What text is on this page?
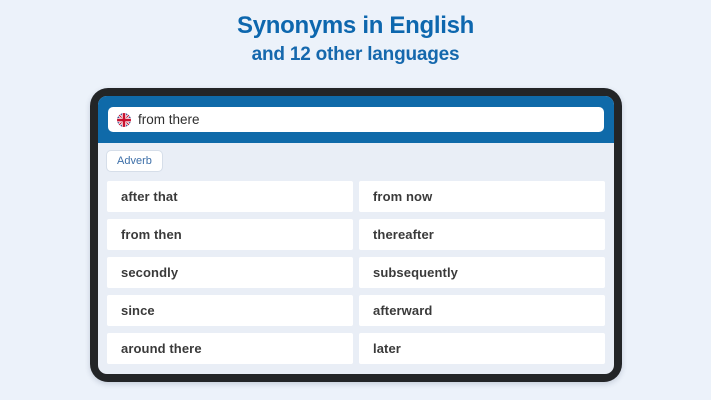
Synonyms in English
and 12 other languages
from there
Adverb
after that	from now
from then	thereafter
secondly	subsequently
since	afterward
around there	later
